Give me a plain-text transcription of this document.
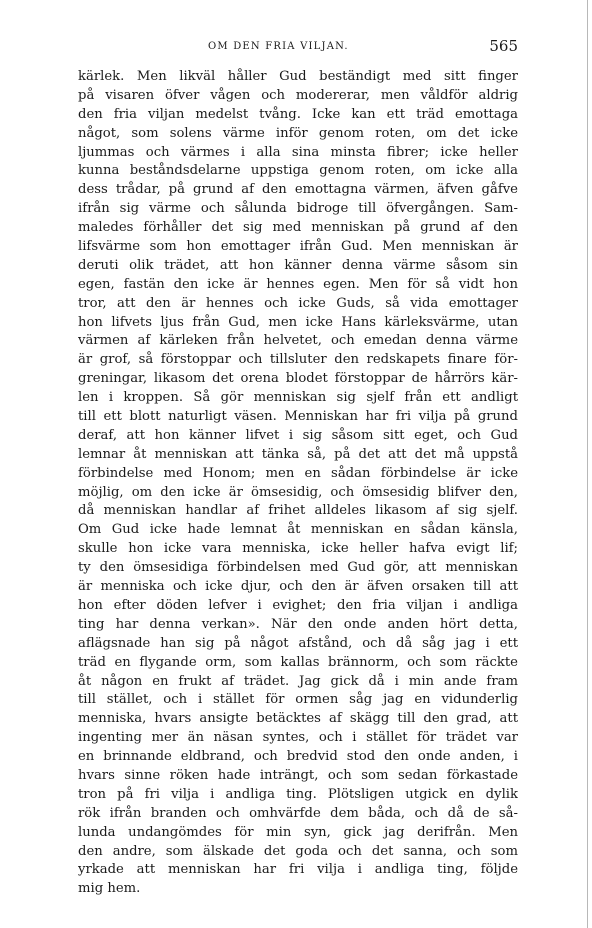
OM DEN FRIA VILJAN.	565
kärlek. Men likväl håller Gud beständigt med sitt finger
på visaren öfver vågen och modererar, men våldför aldrig
den fria viljan medelst tvång. Icke kan ett träd emottaga
något, som solens värme inför genom roten, om det icke
ljummas och värmes i alla sina minsta fibrer; icke heller
kunna beståndsdelarne uppstiga genom roten, om icke alla
dess trådar, på grund af den emottagna värmen, äfven gåfve
ifrån sig värme och sålunda bidroge till öfvergången. Sam-
maledes förhåller det sig med menniskan på grund af den
lifsvärme som hon emottager ifrån Gud. Men menniskan är
deruti olik trädet, att hon känner denna värme såsom sin
egen, fastän den icke är hennes egen. Men för så vidt hon
tror, att den är hennes och icke Guds, så vida emottager
hon lifvets ljus från Gud, men icke Hans kärleksvärme, utan
värmen af kärleken från helvetet, och emedan denna värme
är grof, så förstoppar och tillsluter den redskapets finare för-
greningar, likasom det orena blodet förstoppar de hårrörs kär-
len i kroppen. Så gör menniskan sig sjelf från ett andligt
till ett blott naturligt väsen. Menniskan har fri vilja på grund
deraf, att hon känner lifvet i sig såsom sitt eget, och Gud
lemnar åt menniskan att tänka så, på det att det må uppstå
förbindelse med Honom; men en sådan förbindelse är icke
möjlig, om den icke är ömsesidig, och ömsesidig blifver den,
då menniskan handlar af frihet alldeles likasom af sig sjelf.
Om Gud icke hade lemnat åt menniskan en sådan känsla,
skulle hon icke vara menniska, icke heller hafva evigt lif;
ty den ömsesidiga förbindelsen med Gud gör, att menniskan
är menniska och icke djur, och den är äfven orsaken till att
hon efter döden lefver i evighet; den fria viljan i andliga
ting har denna verkan». När den onde anden hört detta,
aflägsnade han sig på något afstånd, och då såg jag i ett
träd en flygande orm, som kallas brännorm, och som räckte
åt någon en frukt af trädet. Jag gick då i min ande fram
till stället, och i stället för ormen såg jag en vidunderlig
menniska, hvars ansigte betäcktes af skägg till den grad, att
ingenting mer än näsan syntes, och i stället för trädet var
en brinnande eldbrand, och bredvid stod den onde anden, i
hvars sinne röken hade inträngt, och som sedan förkastade
tron på fri vilja i andliga ting. Plötsligen utgick en dylik
rök ifrån branden och omhvärfde dem båda, och då de så-
lunda undangömdes för min syn, gick jag derifrån. Men
den andre, som älskade det goda och det sanna, och som
yrkade att menniskan har fri vilja i andliga ting, följde
mig hem.
